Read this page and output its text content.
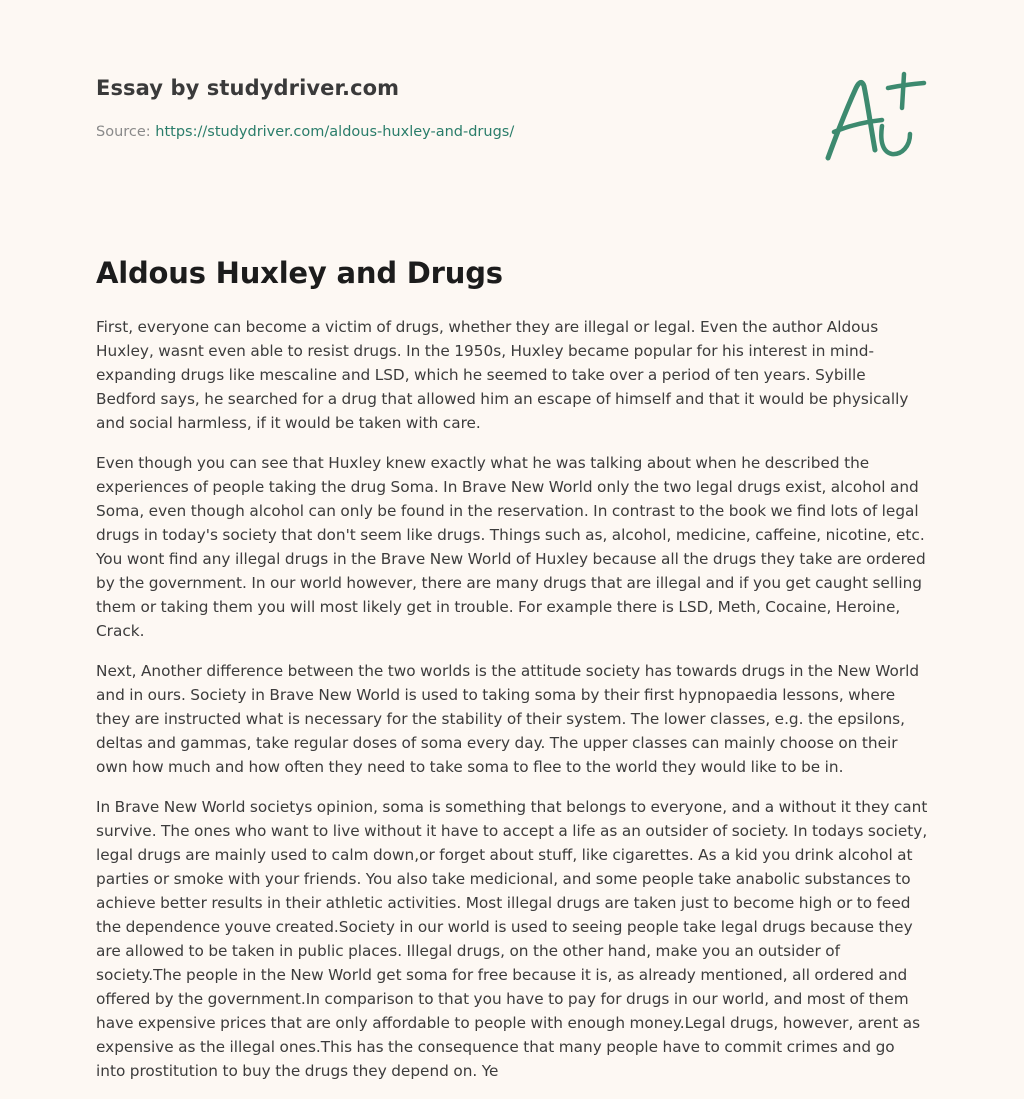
Essay by studydriver.com
Source: https://studydriver.com/aldous-huxley-and-drugs/
Aldous Huxley and Drugs

First, everyone can become a victim of drugs, whether they are illegal or legal. Even the author Aldous Huxley, wasnt even able to resist drugs. In the 1950s, Huxley became popular for his interest in mind-expanding drugs like mescaline and LSD, which he seemed to take over a period of ten years. Sybille Bedford says, he searched for a drug that allowed him an escape of himself and that it would be physically and social harmless, if it would be taken with care.

Even though you can see that Huxley knew exactly what he was talking about when he described the experiences of people taking the drug Soma. In Brave New World only the two legal drugs exist, alcohol and Soma, even though alcohol can only be found in the reservation. In contrast to the book we find lots of legal drugs in today's society that don't seem like drugs. Things such as, alcohol, medicine, caffeine, nicotine, etc. You wont find any illegal drugs in the Brave New World of Huxley because all the drugs they take are ordered by the government. In our world however, there are many drugs that are illegal and if you get caught selling them or taking them you will most likely get in trouble. For example there is LSD, Meth, Cocaine, Heroine, Crack.

Next, Another difference between the two worlds is the attitude society has towards drugs in the New World and in ours. Society in Brave New World is used to taking soma by their first hypnopaedia lessons, where they are instructed what is necessary for the stability of their system. The lower classes, e.g. the epsilons, deltas and gammas, take regular doses of soma every day. The upper classes can mainly choose on their own how much and how often they need to take soma to flee to the world they would like to be in.

In Brave New World societys opinion, soma is something that belongs to everyone, and a without it they cant survive. The ones who want to live without it have to accept a life as an outsider of society. In todays society, legal drugs are mainly used to calm down,or forget about stuff, like cigarettes. As a kid you drink alcohol at parties or smoke with your friends. You also take medicional, and some people take anabolic substances to achieve better results in their athletic activities. Most illegal drugs are taken just to become high or to feed the dependence youve created.Society in our world is used to seeing people take legal drugs because they are allowed to be taken in public places. Illegal drugs, on the other hand, make you an outsider of society.The people in the New World get soma for free because it is, as already mentioned, all ordered and offered by the government.In comparison to that you have to pay for drugs in our world, and most of them have expensive prices that are only affordable to people with enough money.Legal drugs, however, arent as expensive as the illegal ones.This has the consequence that many people have to commit crimes and go into prostitution to buy the drugs they depend on. Ye
